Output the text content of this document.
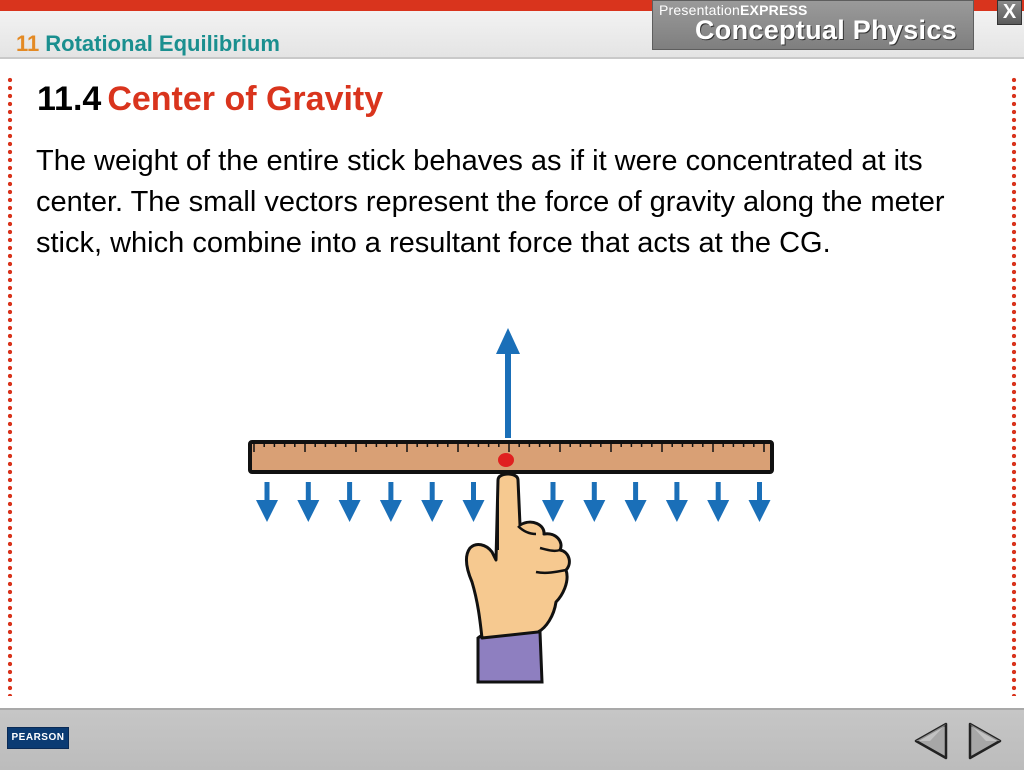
11 Rotational Equilibrium
PresentationEXPRESS
Conceptual Physics
X
11.4 Center of Gravity
The weight of the entire stick behaves as if it were concentrated at its center. The small vectors represent the force of gravity along the meter stick, which combine into a resultant force that acts at the CG.
PEARSON
